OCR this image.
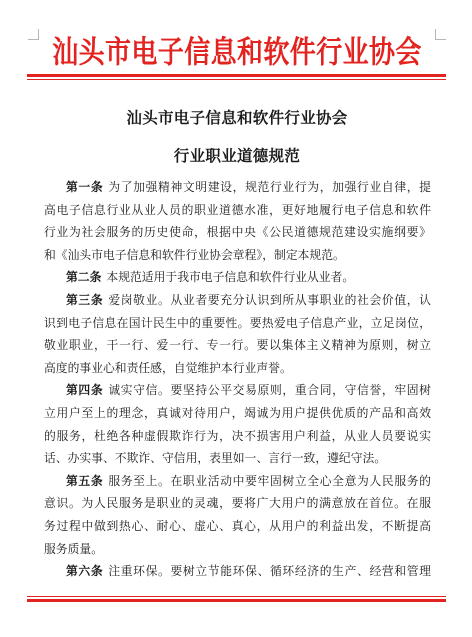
汕头市电子信息和软件行业协会
汕头市电子信息和软件行业协会
行业职业道德规范
第一条 为了加强精神文明建设，规范行业行为，加强行业自律，提
高电子信息行业从业人员的职业道德水准，更好地履行电子信息和软件
行业为社会服务的历史使命，根据中央《公民道德规范建设实施纲要》
和《汕头市电子信息和软件行业协会章程》，制定本规范。
第二条 本规范适用于我市电子信息和软件行业从业者。
第三条 爱岗敬业。从业者要充分认识到所从事职业的社会价值，认
识到电子信息在国计民生中的重要性。要热爱电子信息产业，立足岗位，
敬业职业，干一行、爱一行、专一行。要以集体主义精神为原则，树立
高度的事业心和责任感，自觉维护本行业声誉。
第四条 诚实守信。要坚持公平交易原则，重合同，守信誉，牢固树
立用户至上的理念，真诚对待用户，竭诚为用户提供优质的产品和高效
的服务，杜绝各种虚假欺诈行为，决不损害用户利益，从业人员要说实
话、办实事、不欺诈、守信用，表里如一、言行一致，遵纪守法。
第五条 服务至上。在职业活动中要牢固树立全心全意为人民服务的
意识。为人民服务是职业的灵魂，要将广大用户的满意放在首位。在服
务过程中做到热心、耐心、虚心、真心，从用户的利益出发，不断提高
服务质量。
第六条 注重环保。要树立节能环保、循环经济的生产、经营和管理
